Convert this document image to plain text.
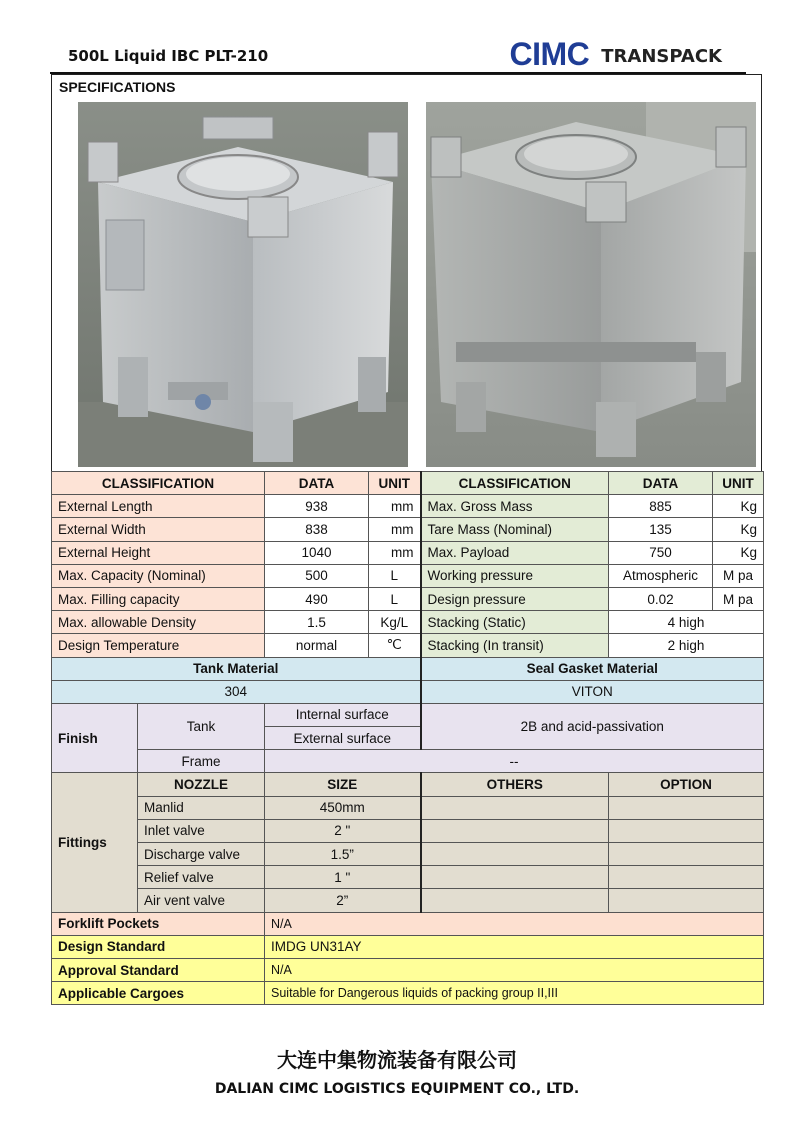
500L Liquid IBC PLT-210	CIMC TRANSPACK
SPECIFICATIONS
CLASSIFICATION		DATA	UNIT	CLASSIFICATION	DATA	UNIT
External Length		938	mm	Max. Gross Mass	885	Kg
External Width		838	mm	Tare Mass (Nominal)	135	Kg
External Height		1040	mm	Max. Payload	750	Kg
Max. Capacity (Nominal)		500	L	Working pressure	Atmospheric	M pa
Max. Filling capacity		490	L	Design pressure	0.02	M pa
Max. allowable Density		1.5	Kg/L	Stacking (Static)	4 high	
Design Temperature		normal	℃	Stacking (In transit)	2 high	
Tank Material				Seal Gasket Material		
304				VITON		
Finish	Tank	Internal surface		2B and acid-passivation		
		External surface				
	Frame	--				
Fittings	NOZZLE	SIZE		OTHERS	OPTION	
	Manlid	450mm				
	Inlet valve	2 "				
	Discharge valve	1.5”				
	Relief valve	1 "				
	Air vent valve	2”				
Forklift Pockets		N/A				
Design Standard		IMDG UN31AY				
Approval Standard		N/A				
Applicable Cargoes		Suitable for Dangerous liquids of packing group II,III				
大连中集物流装备有限公司
DALIAN CIMC LOGISTICS EQUIPMENT CO., LTD.
